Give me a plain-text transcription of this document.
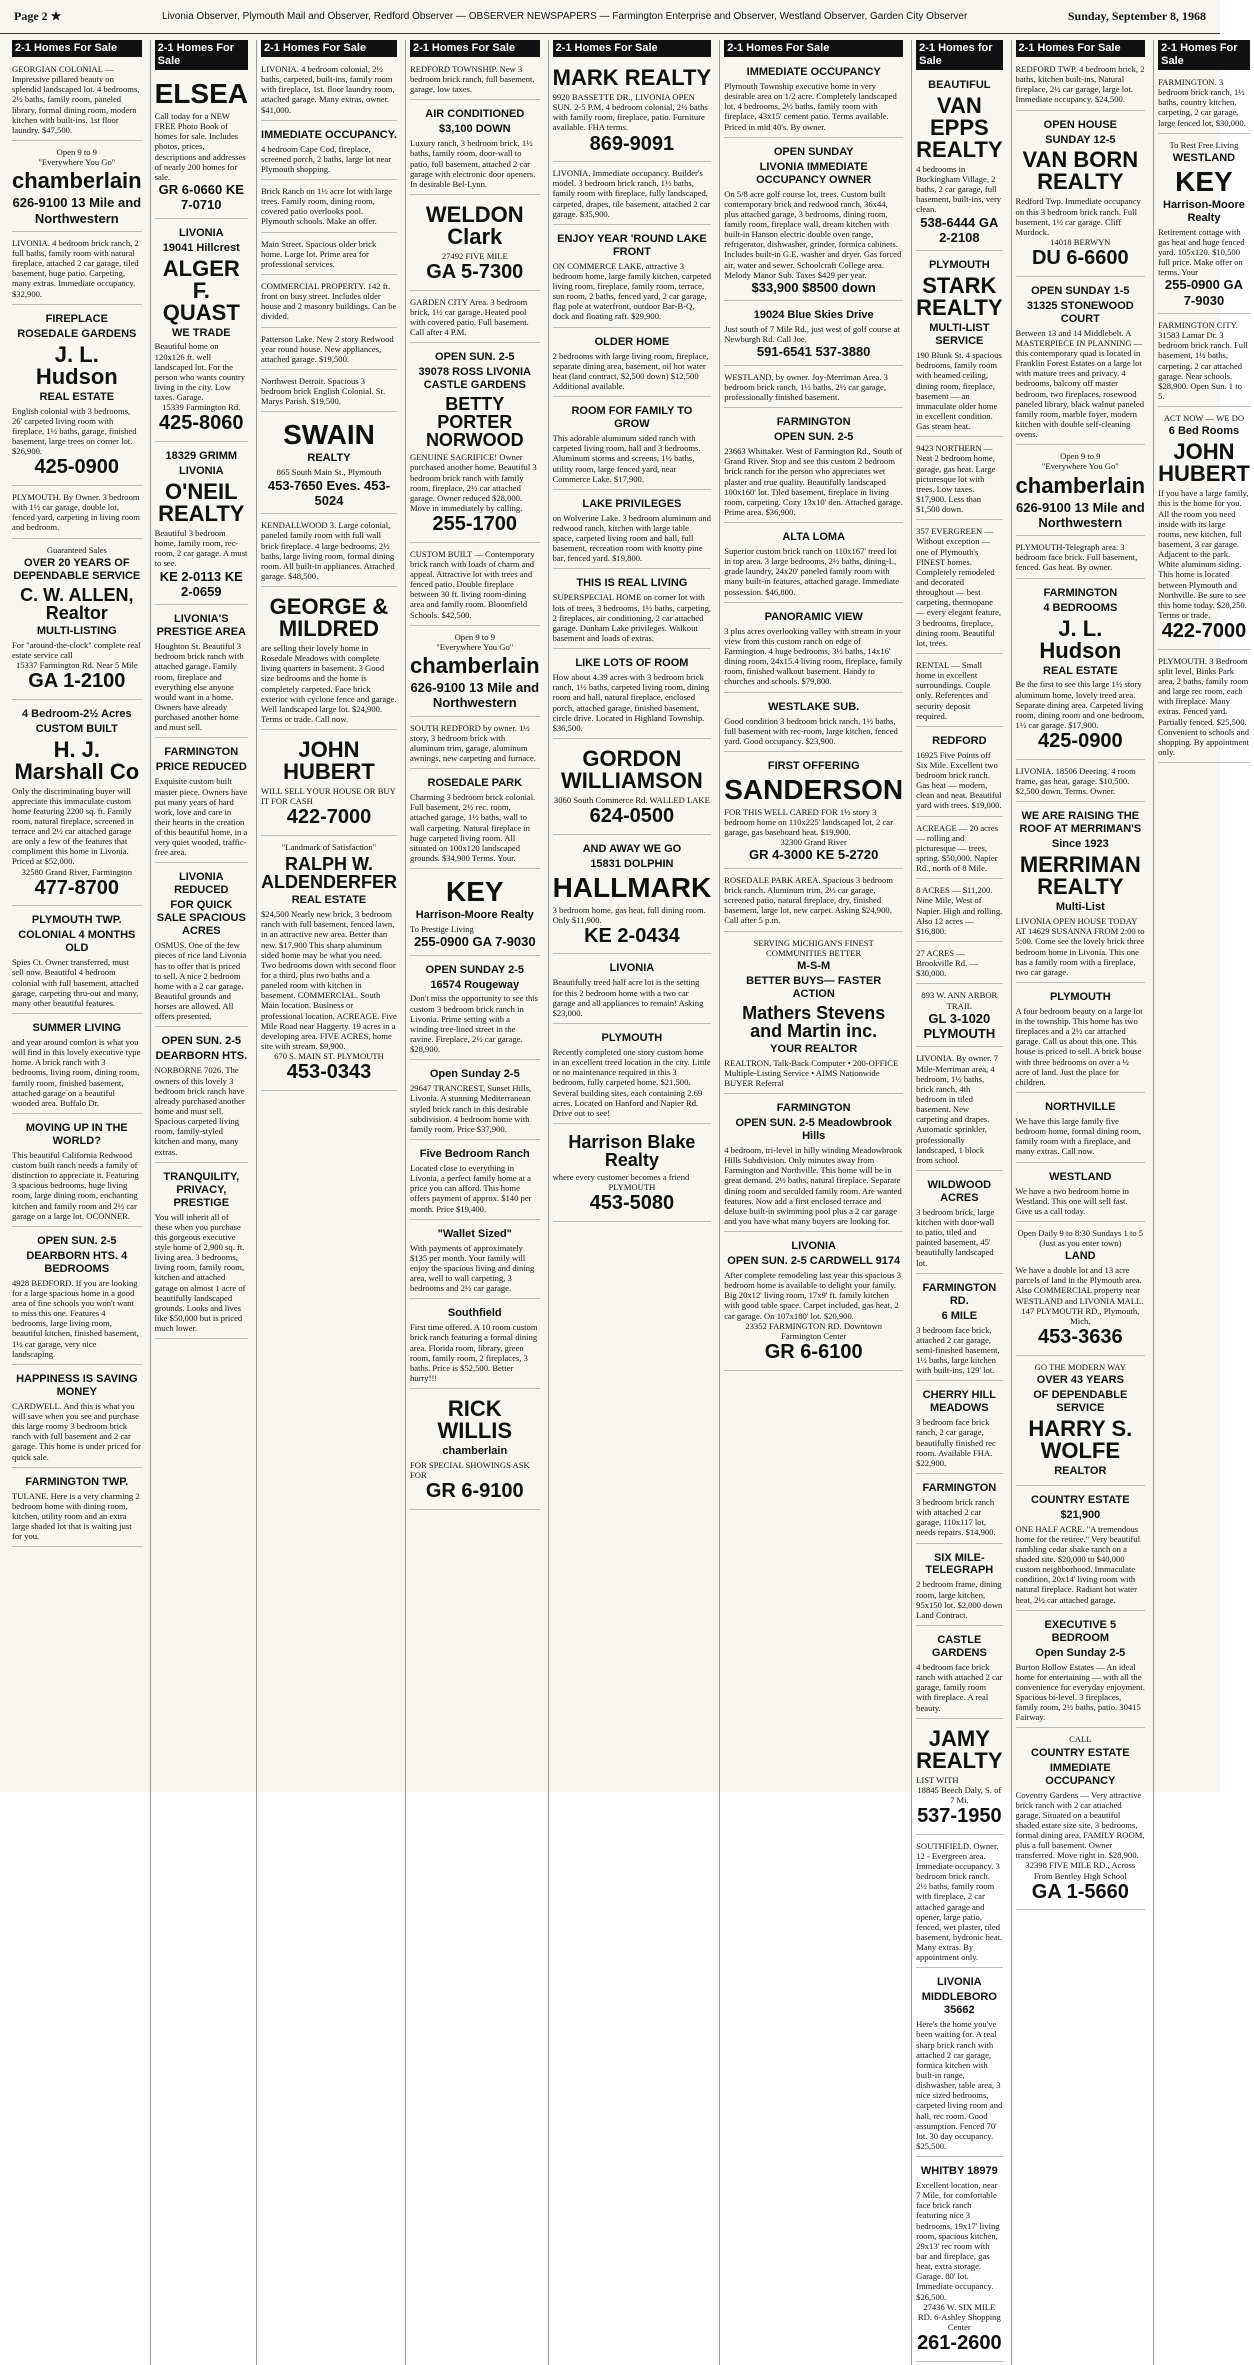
Page 2 ★	Livonia Observer, Plymouth Mail and Observer, Redford Observer — OBSERVER NEWSPAPERS — Farmington Enterprise and Observer, Westland Observer, Garden City Observer	Sunday, September 8, 1968
2-1 Homes For Sale

GEORGIAN COLONIAL — Impressive pillared beauty on splendid landscaped lot. 4 bedrooms, 2½ baths, family room, paneled library, formal dining room, modern kitchen with built-ins. 1st floor laundry. $47,500.

Open 9 to 9

"Everywhere You Go"

chamberlain
626-9100 13 Mile and Northwestern

LIVONIA. 4 bedroom brick ranch, 2 full baths, family room with natural fireplace, attached 2 car garage, tiled basement, huge patio. Carpeting, many extras. Immediate occupancy. $32,900.

FIREPLACE
ROSEDALE GARDENS
J. L. Hudson
REAL ESTATE

English colonial with 3 bedrooms, 26' carpeted living room with fireplace, 1½ baths, garage, finished basement, large trees on corner lot. $26,900.

425-0900

PLYMOUTH. By Owner. 3 bedroom with 1½ car garage, double lot, fenced yard, carpeting in living room and bedroom.

Guaranteed Sales

OVER 20 YEARS OF DEPENDABLE SERVICE
C. W. ALLEN, Realtor
MULTI-LISTING

For "around-the-clock" complete real estate service call

15337 Farmington Rd. Near 5 Mile
GA 1-2100
4 Bedroom-2½ Acres
CUSTOM BUILT
H. J. Marshall Co

Only the discriminating buyer will appreciate this immaculate custom home featuring 2200 sq. ft. Family room, natural fireplace, screened in terrace and 2½ car attached garage are only a few of the features that compliment this home in Livonia. Priced at $52,000.

32580 Grand River, Farmington
477-8700
PLYMOUTH TWP.
COLONIAL 4 MONTHS OLD

Spies Ct. Owner transferred, must sell now. Beautiful 4 bedroom colonial with full basement, attached garage, carpeting thru-out and many, many other beautiful features.

SUMMER LIVING

and year around comfort is what you will find in this lovely executive type home. A brick ranch with 3 bedrooms, living room, dining room, family room, finished basement, attached garage on a beautiful wooded area. Buffalo Dr.

MOVING UP IN THE WORLD?

This beautiful California Redwood custom built ranch needs a family of distinction to appreciate it. Featuring 3 spacious bedrooms, huge living room, large dining room, enchanting kitchen and family room and 2½ car garage on a large lot. OCONNER.

OPEN SUN. 2-5
DEARBORN HTS. 4 BEDROOMS

4928 BEDFORD. If you are looking for a large spacious home in a good area of fine schools you won't want to miss this one. Features 4 bedrooms, large living room, beautiful kitchen, finished basement, 1½ car garage, very nice landscaping.

HAPPINESS IS SAVING MONEY

CARDWELL. And this is what you will save when you see and purchase this large roomy 3 bedroom brick ranch with full basement and 2 car garage. This home is under priced for quick sale.

FARMINGTON TWP.

TULANE. Here is a very charming 2 bedroom home with dining room, kitchen, utility room and an extra large shaded lot that is waiting just for you.

2-1 Homes For Sale
ELSEA

Call today for a NEW FREE Photo Book of homes for sale. Includes photos, prices, descriptions and addresses of nearly 200 homes for sale.

GR 6-0660 KE 7-0710
LIVONIA
19041 Hillcrest
ALGER F. QUAST
WE TRADE

Beautiful home on 120x126 ft. well landscaped lot. For the person who wants country living in the city. Low taxes. Garage.

15339 Farmington Rd.
425-8060
18329 GRIMM
LIVONIA
O'NEIL REALTY

Beautiful 3 bedroom home, family room, rec-room, 2 car garage. A must to see.

KE 2-0113 KE 2-0659
LIVONIA'S PRESTIGE AREA

Houghton St. Beautiful 3 bedroom brick ranch with attached garage. Family room, fireplace and everything else anyone would want in a home. Owners have already purchased another home and must sell.

FARMINGTON
PRICE REDUCED

Exquisite custom built master piece. Owners have put many years of hard work, love and care in their hearts in the creation of this beautiful home, in a very quiet wooded, traffic-free area.

LIVONIA REDUCED
FOR QUICK SALE SPACIOUS ACRES

OSMUS. One of the few pieces of rice land Livonia has to offer that is priced to sell. A nice 2 bedroom home with a 2 car garage. Beautiful grounds and horses are allowed. All offers presented.

OPEN SUN. 2-5
DEARBORN HTS.

NORBORNE 7026. The owners of this lovely 3 bedroom brick ranch have already purchased another home and must sell. Spacious carpeted living room, family-styled kitchen and many, many extras.

TRANQUILITY, PRIVACY, PRESTIGE

You will inherit all of these when you purchase this gorgeous executive style home of 2,900 sq. ft. living area. 3 bedrooms, living room, family room, kitchen and attached garage on almost 1 acre of beautifully landscaped grounds. Looks and lives like $50,000 but is priced much lower.

2-1 Homes For Sale

LIVONIA. 4 bedroom colonial, 2½ baths, carpeted, built-ins, family room with fireplace, 1st. floor laundry room, attached garage. Many extras, owner. $41,000.

IMMEDIATE OCCUPANCY.

4 bedroom Cape Cod, fireplace, screened porch, 2 baths, large lot near Plymouth shopping.

Brick Ranch on 1½ acre lot with large trees. Family room, dining room, covered patio overlooks pool. Plymouth schools. Make an offer.

Main Street. Spacious older brick home. Large lot. Prime area for professional services.

COMMERCIAL PROPERTY. 142 ft. front on busy street. Includes older house and 2 masonry buildings. Can be divided.

Patterson Lake. New 2 story Redwood year round house. New appliances, attached garage. $19,500.

Northwest Detroit. Spacious 3 bedroom brick English Colonial. St. Marys Parish. $19,500.

SWAIN
REALTY
865 South Main St., Plymouth
453-7650 Eves. 453-5024

KENDALLWOOD 3. Large colonial, paneled family room with full wall brick fireplace. 4 large bedrooms, 2½ baths, large living room, formal dining room. All built-in appliances. Attached garage. $48,500.

GEORGE & MILDRED

are selling their lovely home in Rosedale Meadows with complete living quarters in basement. 3 Good size bedrooms and the home is completely carpeted. Face brick exterior with cyclone fence and garage. Well landscaped large lot. $24,900. Terms or trade. Call now.

JOHN HUBERT

WILL SELL YOUR HOUSE OR BUY IT FOR CASH

422-7000

"Landmark of Satisfaction"

RALPH W. ALDENDERFER
REAL ESTATE

$24,500 Nearly new brick, 3 bedroom ranch with full basement, fenced lawn, in an attractive new area. Better than new. $17,900 This sharp aluminum sided home may be what you need. Two bedrooms down with second floor for a third, plus two baths and a paneled room with kitchen in basement. COMMERCIAL. South Main location. Business or professional location. ACREAGE. Five Mile Road near Haggerty. 19 acres in a developing area. FIVE ACRES, home site with stream. $9,900.

670 S. MAIN ST. PLYMOUTH
453-0343
2-1 Homes For Sale

REDFORD TOWNSHIP. New 3 bedroom brick ranch, full basement, garage, low taxes.

AIR CONDITIONED
$3,100 DOWN

Luxury ranch, 3 bedroom brick, 1½ baths, family room, door-wall to patio, full basement, attached 2 car garage with electronic door openers. In desirable Bel-Lynn.

WELDON Clark
27492 FIVE MILE
GA 5-7300

GARDEN CITY Area. 3 bedroom brick, 1½ car garage. Heated pool with covered patio. Full basement. Call after 4 P.M.

OPEN SUN. 2-5
39078 ROSS LIVONIA CASTLE GARDENS
BETTY PORTER NORWOOD

GENUINE SACRIFICE! Owner purchased another home. Beautiful 3 bedroom brick ranch with family room, fireplace, 2½ car attached garage. Owner reduced $28,000. Move in immediately by calling.

255-1700

CUSTOM BUILT — Contemporary brick ranch with loads of charm and appeal. Attractive lot with trees and fenced patio. Double fireplace between 30 ft. living room-dining area and family room. Bloomfield Schools. $42,500.

Open 9 to 9

"Everywhere You Go"

chamberlain
626-9100 13 Mile and Northwestern

SOUTH REDFORD by owner. 1½ story, 3 bedroom brick with aluminum trim, garage, aluminum awnings, new carpeting and furnace.

ROSEDALE PARK

Charming 3 bedroom brick colonial. Full basement, 2½ rec. room, attached garage, 1½ baths, wall to wall carpeting. Natural fireplace in huge carpeted living room. All situated on 100x120 landscaped grounds. $34,900 Terms. Your.

KEY
Harrison-Moore Realty

To Prestige Living

255-0900 GA 7-9030
OPEN SUNDAY 2-5
16574 Rougeway

Don't miss the opportunity to see this custom 3 bedroom brick ranch in Livonia. Prime setting with a winding tree-lined street in the ravine. Fireplace, 2½ car garage. $28,900.

Open Sunday 2-5

29647 TRANCREST, Sunset Hills, Livonia. A stunning Mediterranean styled brick ranch in this desirable subdivision. 4 bedroom home with family room. Price $37,900.

Five Bedroom Ranch

Located close to everything in Livonia, a perfect family home at a price you can afford. This home offers payment of approx. $140 per month. Price $19,400.

"Wallet Sized"

With payments of approximately $135 per month. Your family will enjoy the spacious living and dining area, well to wall carpeting, 3 bedrooms and 2½ car garage.

Southfield

First time offered. A 10 room custom brick ranch featuring a formal dining area. Florida room, library, green room, family room, 2 fireplaces, 3 baths. Price is $52,500. Better hurry!!!

RICK WILLIS
chamberlain

FOR SPECIAL SHOWINGS ASK FOR

GR 6-9100
2-1 Homes For Sale
MARK REALTY

9920 BASSETTE DR., LIVONIA OPEN SUN. 2-5 P.M. 4 bedroom colonial, 2½ baths with family room, fireplace, patio. Furniture available. FHA terms.

869-9091

LIVONIA. Immediate occupancy. Builder's model. 3 bedroom brick ranch, 1½ baths, family room with fireplace, fully landscaped, carpeted, drapes, tile basement, attached 2 car garage. $35,900.

ENJOY YEAR 'ROUND LAKE FRONT

ON COMMERCE LAKE, attractive 3 bedroom home, large family kitchen, carpeted living room, fireplace, family room, terrace, sun room, 2 baths, fenced yard, 2 car garage, flag pole at waterfront, outdoor Bar-B-Q, dock and floating raft. $29,900.

OLDER HOME

2 bedrooms with large living room, fireplace, separate dining area, basement, oil hot water heat (land contract, $2,500 down) $12,500 Additional available.

ROOM FOR FAMILY TO GROW

This adorable aluminum sided ranch with carpeted living room, hall and 3 bedrooms. Aluminum storms and screens, 1½ baths, utility room, large fenced yard, near Commerce Lake. $17,900.

LAKE PRIVILEGES

on Wolverine Lake. 3 bedroom aluminum and redwood ranch, kitchen with large table space, carpeted living room and hall, full basement, recreation room with knotty pine bar, fenced yard. $19,800.

THIS IS REAL LIVING

SUPERSPECIAL HOME on corner lot with lots of trees, 3 bedrooms, 1½ baths, carpeting, 2 fireplaces, air conditioning, 2 car attached garage. Dunham Lake privileges. Walkout basement and loads of extras.

LIKE LOTS OF ROOM

How about 4.39 acres with 3 bedroom brick ranch, 1½ baths, carpeted living room, dining room and hall, natural fireplace, enclosed porch, attached garage, finished basement, circle drive. Located in Highland Township. $36,500.

GORDON WILLIAMSON
3060 South Commerce Rd. WALLED LAKE
624-0500
AND AWAY WE GO
15831 DOLPHIN
HALLMARK

3 bedroom home, gas heat, full dining room. Only $11,900.

KE 2-0434
LIVONIA

Beautifully treed half acre lot is the setting for this 2 bedroom home with a two car garage and all appliances to remain! Asking $23,000.

PLYMOUTH

Recently completed one story custom home in an excellent treed location in the city. Little or no maintenance required in this 3 bedroom, fully carpeted home. $21,500. Several building sites, each containing 2.69 acres. Located on Hanford and Napier Rd. Drive out to see!

Harrison Blake Realty

where every customer becomes a friend

PLYMOUTH
453-5080
2-1 Homes For Sale
IMMEDIATE OCCUPANCY

Plymouth Township executive home in very desirable area on 1/2 acre. Completely landscaped lot, 4 bedrooms, 2½ baths, family room with fireplace, 43x15' cement patio. Terms available. Priced in mid 40's. By owner.

OPEN SUNDAY
LIVONIA IMMEDIATE OCCUPANCY OWNER

On 5/8 acre golf course lot, trees. Custom built contemporary brick and redwood ranch, 36x44, plus attached garage, 3 bedrooms, dining room, family room, fireplace wall, dream kitchen with built-in Hanson electric double oven range, refrigerator, dishwasher, grinder, formica cabinets. Includes built-in G.E. washer and dryer. Gas forced air, water and sewer. Schoolcraft College area. Melody Manor Sub. Taxes $429 per year.

$33,900 $8500 down
19024 Blue Skies Drive

Just south of 7 Mile Rd., just west of golf course at Newburgh Rd. Call Joe.

591-6541 537-3880

WESTLAND, by owner. Joy-Merriman Area. 3 bedroom brick ranch, 1½ baths, 2½ car garage, professionally finished basement.

FARMINGTON
OPEN SUN. 2-5

23663 Whittaker. West of Farmington Rd., South of Grand River. Stop and see this custom 2 bedroom brick ranch for the person who appreciates wet plaster and true quality. Beautifully landscaped 100x160' lot. Tiled basement, fireplace in living room, carpeting. Cozy 13x10' den. Attached garage. Prime area. $36,900.

ALTA LOMA

Superior custom brick ranch on 110x167' treed lot in top area. 3 large bedrooms, 2½ baths, dining-L, grade laundry, 24x20' paneled family room with many built-in features, attached garage. Immediate possession. $46,800.

PANORAMIC VIEW

3 plus acres overlooking valley with stream in your view from this custom ranch on edge of Farmington. 4 huge bedrooms, 3½ baths, 14x16' dining room, 24x15.4 living room, fireplace, family room, finished walkout basement. Handy to churches and schools. $79,800.

WESTLAKE SUB.

Good condition 3 bedroom brick ranch, 1½ baths, full basement with rec-room, large kitchen, fenced yard. Good occupancy. $23,900.

FIRST OFFERING
SANDERSON

FOR THIS WELL CARED FOR 1½ story 3 bedroom home on 110x225' landscaped lot, 2 car garage, gas baseboard heat. $19,900.

32300 Grand River
GR 4-3000 KE 5-2720

ROSEDALE PARK AREA. Spacious 3 bedroom brick ranch. Aluminum trim, 2½ car garage, screened patio, natural fireplace, dry, finished basement, large lot, new carpet. Asking $24,900. Call after 5 p.m.

SERVING MICHIGAN'S FINEST COMMUNITIES BETTER

M-S-M
BETTER BUYS— FASTER ACTION
Mathers Stevens and Martin inc.
YOUR REALTOR

REALTRON, Talk-Back Computer • 200-OFFICE Multiple-Listing Service • AIMS Nationwide BUYER Referral

FARMINGTON
OPEN SUN. 2-5 Meadowbrook Hills

4 bedroom, tri-level in hilly winding Meadowbrook Hills Subdivision. Only minutes away from Farmington and Northville. This home will be in great demand. 2½ baths, natural fireplace. Separate dining room and seculded family room. Are wanted features. Now add a first enclosed terrace and deluxe built-in swimming pool plus a 2 car garage and you have what many buyers are looking for.

LIVONIA
OPEN SUN. 2-5 CARDWELL 9174

After complete remodeling last year this spacious 3 bedroom home is available to delight your family. Big 20x12' living room, 17x9' ft. family kitchen with good table space. Carpet included, gas heat, 2 car garage. On 107x180' lot. $20,900.

23352 FARMINGTON RD. Downtown Farmington Center
GR 6-6100
2-1 Homes for Sale
BEAUTIFUL
VAN EPPS REALTY

4 bedrooms in Buckingham Village, 2 baths, 2 car garage, full basement, built-ins, very clean.

538-6444 GA 2-2108
PLYMOUTH
STARK REALTY
MULTI-LIST SERVICE

190 Blunk St. 4 spacious bedrooms, family room with beamed ceiling, dining room, fireplace, basement — an immaculate older home in excellent condition. Gas steam heat.

9423 NORTHERN — Neat 2 bedroom home, garage, gas heat. Large picturesque lot with trees. Low taxes. $17,900. Less than $1,500 down.

357 EVERGREEN — Without exception — one of Plymouth's FINEST homes. Completely remodeled and decorated throughout — best carpeting, thermopane — every elegant feature, 3 bedrooms, fireplace, dining room. Beautiful lot, trees.

RENTAL — Small home in excellent surroundings. Couple only. References and security deposit required.

REDFORD

16925 Five Points off Six Mile. Excellent two bedroom brick ranch. Gas heat — modern, clean and neat. Beautiful yard with trees. $19,000.

ACREAGE — 20 acres — rolling and picturesque — trees, spring. $50,000. Napier Rd., north of 8 Mile.

8 ACRES — $11,200. Nine Mile, West of Napier. High and rolling. Also 12 acres — $16,800.

27 ACRES — Brookville Rd. — $30,000.

893 W. ANN ARBOR TRAIL
GL 3-1020 PLYMOUTH

LIVONIA. By owner. 7 Mile-Merriman area, 4 bedroom, 1½ baths, brick ranch, 4th bedroom in tiled basement. New carpeting and drapes. Automatic sprinkler, professionally landscaped, 1 block from school.

WILDWOOD ACRES

3 bedroom brick, large kitchen with door-wall to patio, tiled and painted basement, 45' beautifully landscaped lot.

FARMINGTON RD.
6 MILE

3 bedroom face brick, attached 2 car garage, semi-finished basement, 1½ baths, large kitchen with built-ins, 129' lot.

CHERRY HILL MEADOWS

3 bedroom face brick ranch, 2 car garage, beautifully finished rec room. Available FHA. $22,900.

FARMINGTON

3 bedroom brick ranch with attached 2 car garage, 110x117 lot, needs repairs. $14,900.

SIX MILE-TELEGRAPH

2 bedroom frame, dining room, large kitchen, 95x150 lot. $2,000 down Land Contract.

CASTLE GARDENS

4 bedroom face brick ranch with attached 2 car garage, family room with fireplace. A real beauty.

JAMY REALTY

LIST WITH

18845 Beech Daly, S. of 7 Mi.
537-1950

SOUTHFIELD. Owner. 12 - Evergreen area. Immediate occupancy. 3 bedroom brick ranch. 2½ baths, family room with fireplace, 2 car attached garage and opener, large patio, fenced, wet plaster, tiled basement, hydronic heat. Many extras. By appointment only.

LIVONIA
MIDDLEBORO 35662

Here's the home you've been waiting for. A real sharp brick ranch with attached 2 car garage, formica kitchen with built-in range, dishwasher, table area, 3 nice sized bedrooms, carpeted living room and hall, rec room. Good assumption. Fenced 70' lot. 30 day occupancy. $25,500.

WHITBY 18979

Excellent location, near 7 Mile, for comfortable face brick ranch featuring nice 3 bedrooms, 19x17' living room, spacious kitchen, 29x13' rec room with bar and fireplace, gas heat, extra storage. Garage. 80' lot. Immediate occupancy. $26,500.

27436 W. SIX MILE RD. 6-Ashley Shopping Center
261-2600
2-1 Homes For Sale

REDFORD TWP. 4 bedroom brick, 2 baths, kitchen built-ins, Natural fireplace, 2½ car garage, large lot. Immediate occupancy. $24,500.

OPEN HOUSE
SUNDAY 12-5
VAN BORN REALTY

Redford Twp. Immediate occupancy on this 3 bedroom brick ranch. Full basement, 1½ car garage. Cliff Murdock.

14018 BERWYN
DU 6-6600
OPEN SUNDAY 1-5
31325 STONEWOOD COURT

Between 13 and 14 Middlebelt. A MASTERPIECE IN PLANNING — this contemporary quad is located in Franklin Forest Estates on a large lot with mature trees and privacy. 4 bedrooms, balcony off master bedroom, two fireplaces, rosewood paneled library, black walnut paneled family room, marble foyer, modern kitchen with double self-cleaning ovens.

Open 9 to 9

"Everywhere You Go"

chamberlain
626-9100 13 Mile and Northwestern

PLYMOUTH-Telegraph area. 3 bedroom face brick. Full basement, fenced. Gas heat. By owner.

FARMINGTON
4 BEDROOMS
J. L. Hudson
REAL ESTATE

Be the first to see this large 1½ story aluminum home, lovely treed area. Separate dining area. Carpeted living room, dining room and one bedroom, 1½ car garage. $17,900.

425-0900

LIVONIA. 18506 Deering. 4 room frame, gas heat, garage. $10,500. $2,500 down. Terms. Owner.

WE ARE RAISING THE ROOF AT MERRIMAN'S
Since 1923
MERRIMAN REALTY
Multi-List

LIVONIA OPEN HOUSE TODAY AT 14629 SUSANNA FROM 2:00 to 5:00. Come see the lovely brick three bedroom home in Livonia. This one has a family room with a fireplace, two car garage.

PLYMOUTH

A four bedroom beauty on a large lot in the township. This home has two fireplaces and a 2½ car attached garage. Call us about this one. This house is priced to sell. A brick house with three bedrooms on over a ½ acre of land. Just the place for children.

NORTHVILLE

We have this large family five bedroom home, formal dining room, family room with a fireplace, and many extras. Call now.

WESTLAND

We have a two bedroom home in Westland. This one will sell fast. Give us a call today.

Open Daily 9 to 8:30 Sundays 1 to 5

(Just as you enter town)

LAND

We have a double lot and 13 acre parcels of land in the Plymouth area. Also COMMERCIAL property near WESTLAND and LIVONIA MALL.

147 PLYMOUTH RD., Plymouth, Mich.
453-3636

GO THE MODERN WAY

OVER 43 YEARS
OF DEPENDABLE SERVICE
HARRY S. WOLFE
REALTOR
COUNTRY ESTATE
$21,900

ONE HALF ACRE. "A tremendous home for the retiree." Very beautiful rambling cedar shake ranch on a shaded site. $20,000 to $40,000 custom neighborhood. Immaculate condition, 20x14' living room with natural fireplace. Radiant hot water heat, 2½ car attached garage.

EXECUTIVE 5 BEDROOM
Open Sunday 2-5

Burton Hollow Estates — An ideal home for entertaining — with all the convenience for everyday enjoyment. Spacious bi-level. 3 fireplaces, family room, 2½ baths, patio. 30415 Fairway.

CALL

COUNTRY ESTATE
IMMEDIATE OCCUPANCY

Coventry Gardens — Very attractive brick ranch with 2 car attached garage. Situated on a beautiful shaded estate size site, 3 bedrooms, formal dining area, FAMILY ROOM, plus a full basement. Owner transferred. Move right in. $28,900.

32398 FIVE MILE RD., Across From Bentley High School
GA 1-5660
2-1 Homes For Sale

FARMINGTON. 3 bedroom brick ranch, 1½ baths, country kitchen, carpeting, 2 car garage, large fenced lot, $30,000.

To Rest Free Living

WESTLAND
KEY
Harrison-Moore Realty

Retirement cottage with gas heat and huge fenced yard. 105x120. $10,500 full price. Make offer on terms. Your

255-0900 GA 7-9030

FARMINGTON CITY. 31583 Lamar Dr. 3 bedroom brick ranch. Full basement, 1½ baths, carpeting. 2 car attached garage. Near schools. $28,900. Open Sun. 1 to 5.

ACT NOW — WE DO

6 Bed Rooms
JOHN HUBERT

If you have a large family, this is the home for you. All the room you need inside with its large rooms, new kitchen, full basement, 3 car garage. Adjacent to the park. White aluminum siding. This home is located between Plymouth and Northville. Be sure to see this home today. $28,250. Terms or trade.

422-7000

PLYMOUTH. 3 Bedroom split level, Binks Park area, 2 baths, family room and large rec room, each with fireplace. Many extras. Fenced yard. Partially fenced. $25,500. Convenient to schools and shopping. By appointment only.
